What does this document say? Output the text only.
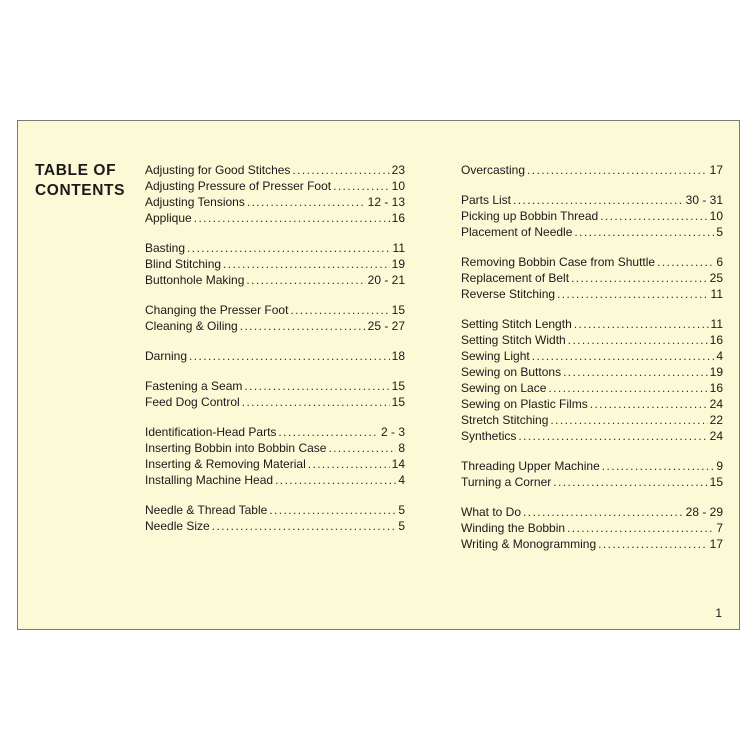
TABLE OF
CONTENTS
Adjusting for Good Stitches .....	23
Adjusting Pressure of Presser Foot .....	10
Adjusting Tensions .....	12 - 13
Applique .....	16
Basting .....	11
Blind Stitching .....	19
Buttonhole Making .....	20 - 21
Changing the Presser Foot .....	15
Cleaning & Oiling .....	25 - 27
Darning .....	18
Fastening a Seam .....	15
Feed Dog Control .....	15
Identification-Head Parts .....	2 - 3
Inserting Bobbin into Bobbin Case .....	8
Inserting & Removing Material .....	14
Installing Machine Head .....	4
Needle & Thread Table .....	5
Needle Size .....	5
Overcasting .....	17
Parts List .....	30 - 31
Picking up Bobbin Thread .....	10
Placement of Needle .....	5
Removing Bobbin Case from Shuttle .....	6
Replacement of Belt .....	25
Reverse Stitching .....	11
Setting Stitch Length .....	11
Setting Stitch Width .....	16
Sewing Light .....	4
Sewing on Buttons .....	19
Sewing on Lace .....	16
Sewing on Plastic Films .....	24
Stretch Stitching .....	22
Synthetics .....	24
Threading Upper Machine .....	9
Turning a Corner .....	15
What to Do .....	28 - 29
Winding the Bobbin .....	7
Writing & Monogramming .....	17
1
